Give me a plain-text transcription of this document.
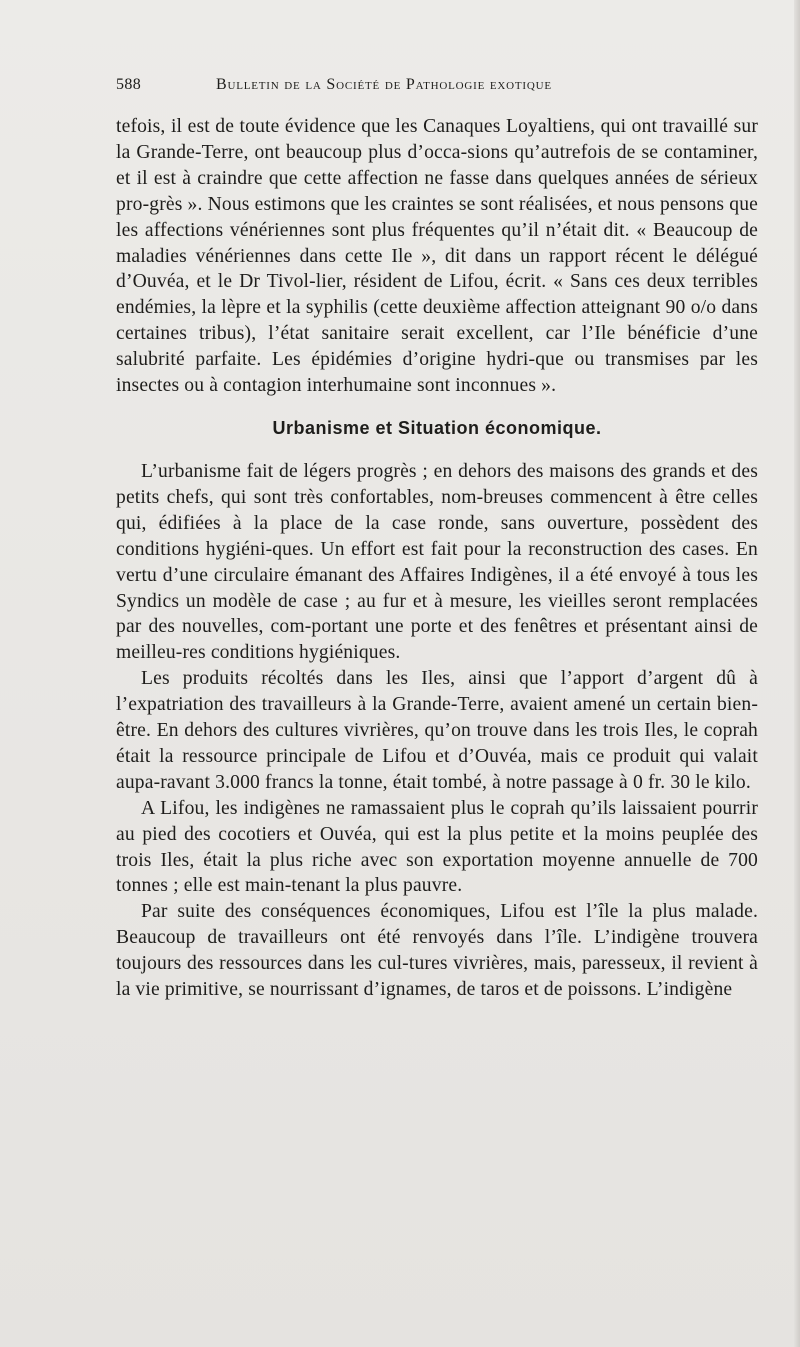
588	Bulletin de la Société de Pathologie exotique

tefois, il est de toute évidence que les Canaques Loyaltiens, qui ont travaillé sur la Grande-Terre, ont beaucoup plus d’occa-sions qu’autrefois de se contaminer, et il est à craindre que cette affection ne fasse dans quelques années de sérieux pro-grès ». Nous estimons que les craintes se sont réalisées, et nous pensons que les affections vénériennes sont plus fréquentes qu’il n’était dit. « Beaucoup de maladies vénériennes dans cette Ile », dit dans un rapport récent le délégué d’Ouvéa, et le Dr Tivol-lier, résident de Lifou, écrit. « Sans ces deux terribles endémies, la lèpre et la syphilis (cette deuxième affection atteignant 90 o/o dans certaines tribus), l’état sanitaire serait excellent, car l’Ile bénéficie d’une salubrité parfaite. Les épidémies d’origine hydri-que ou transmises par les insectes ou à contagion interhumaine sont inconnues ».

Urbanisme et Situation économique.

L’urbanisme fait de légers progrès ; en dehors des maisons des grands et des petits chefs, qui sont très confortables, nom-breuses commencent à être celles qui, édifiées à la place de la case ronde, sans ouverture, possèdent des conditions hygiéni-ques. Un effort est fait pour la reconstruction des cases. En vertu d’une circulaire émanant des Affaires Indigènes, il a été envoyé à tous les Syndics un modèle de case ; au fur et à mesure, les vieilles seront remplacées par des nouvelles, com-portant une porte et des fenêtres et présentant ainsi de meilleu-res conditions hygiéniques.

Les produits récoltés dans les Iles, ainsi que l’apport d’argent dû à l’expatriation des travailleurs à la Grande-Terre, avaient amené un certain bien-être. En dehors des cultures vivrières, qu’on trouve dans les trois Iles, le coprah était la ressource principale de Lifou et d’Ouvéa, mais ce produit qui valait aupa-ravant 3.000 francs la tonne, était tombé, à notre passage à 0 fr. 30 le kilo.

A Lifou, les indigènes ne ramassaient plus le coprah qu’ils laissaient pourrir au pied des cocotiers et Ouvéa, qui est la plus petite et la moins peuplée des trois Iles, était la plus riche avec son exportation moyenne annuelle de 700 tonnes ; elle est main-tenant la plus pauvre.

Par suite des conséquences économiques, Lifou est l’île la plus malade. Beaucoup de travailleurs ont été renvoyés dans l’île. L’indigène trouvera toujours des ressources dans les cul-tures vivrières, mais, paresseux, il revient à la vie primitive, se nourrissant d’ignames, de taros et de poissons. L’indigène
